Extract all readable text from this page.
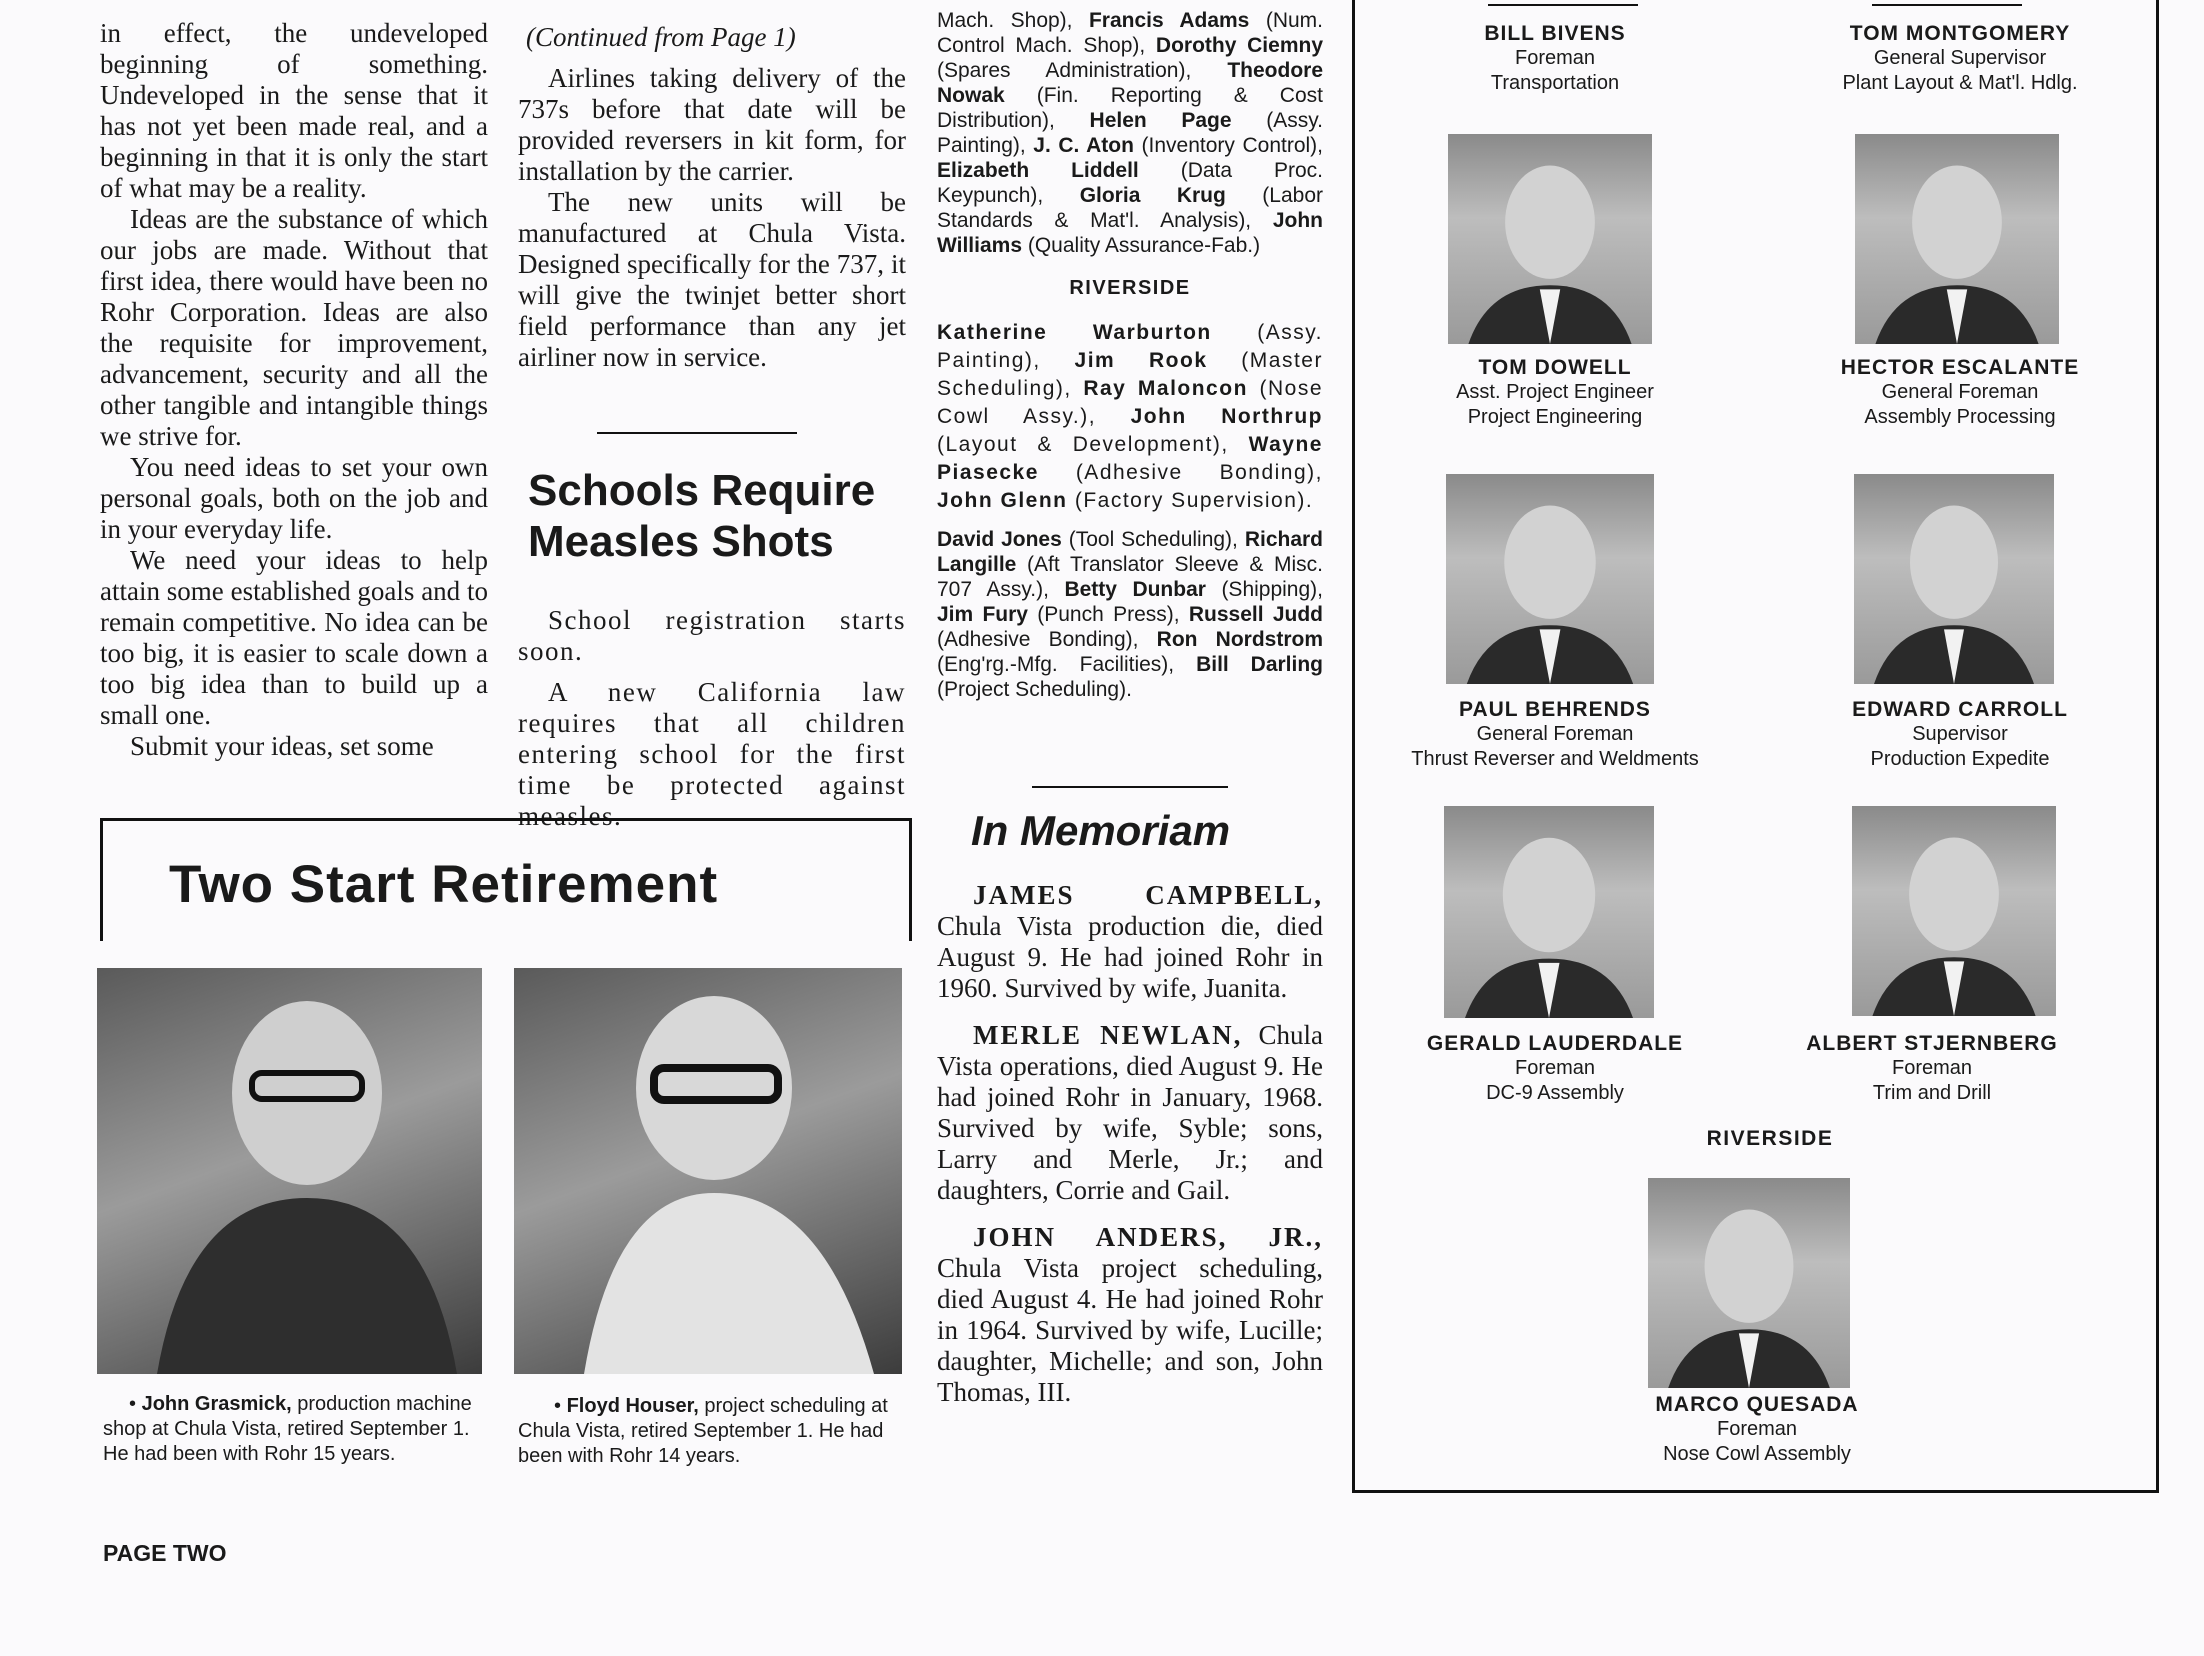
in effect, the undeveloped beginning of something. Undeveloped in the sense that it has not yet been made real, and a beginning in that it is only the start of what may be a reality.

Ideas are the substance of which our jobs are made. Without that first idea, there would have been no Rohr Corporation. Ideas are also the requisite for improvement, advancement, security and all the other tangible and intangible things we strive for.

You need ideas to set your own personal goals, both on the job and in your everyday life.

We need your ideas to help attain some established goals and to remain competitive. No idea can be too big, it is easier to scale down a too big idea than to build up a small one.

Submit your ideas, set some

(Continued from Page 1)

Airlines taking delivery of the 737s before that date will be provided reversers in kit form, for installation by the carrier.

The new units will be manufactured at Chula Vista. Designed specifically for the 737, it will give the twinjet better short field performance than any jet airliner now in service.

Schools Require
Measles Shots

School registration starts soon.

A new California law requires that all children entering school for the first time be protected against measles.

Mach. Shop), Francis Adams (Num. Control Mach. Shop), Dorothy Ciemny (Spares Administration), Theodore Nowak (Fin. Reporting & Cost Distribution), Helen Page (Assy. Painting), J. C. Aton (Inventory Control), Elizabeth Liddell (Data Proc. Keypunch), Gloria Krug (Labor Standards & Mat'l. Analysis), John Williams (Quality Assurance-Fab.)

RIVERSIDE

Katherine Warburton (Assy. Painting), Jim Rook (Master Scheduling), Ray Maloncon (Nose Cowl Assy.), John Northrup (Layout & Development), Wayne Piasecke (Adhesive Bonding), John Glenn (Factory Supervision).

David Jones (Tool Scheduling), Richard Langille (Aft Translator Sleeve & Misc. 707 Assy.), Betty Dunbar (Shipping), Jim Fury (Punch Press), Russell Judd (Adhesive Bonding), Ron Nordstrom (Eng'rg.-Mfg. Facilities), Bill Darling (Project Scheduling).

In Memoriam

JAMES CAMPBELL, Chula Vista production die, died August 9. He had joined Rohr in 1960. Survived by wife, Juanita.

MERLE NEWLAN, Chula Vista operations, died August 9. He had joined Rohr in January, 1968. Survived by wife, Syble; sons, Larry and Merle, Jr.; and daughters, Corrie and Gail.

JOHN ANDERS, JR., Chula Vista project scheduling, died August 4. He had joined Rohr in 1964. Survived by wife, Lucille; daughter, Michelle; and son, John Thomas, III.

Two Start Retirement
• John Grasmick, production machine shop at Chula Vista, retired September 1. He had been with Rohr 15 years.
• Floyd Houser, project scheduling at Chula Vista, retired September 1. He had been with Rohr 14 years.
PAGE TWO
BILL BIVENS
Foreman
Transportation
TOM MONTGOMERY
General Supervisor
Plant Layout & Mat'l. Hdlg.
TOM DOWELL
Asst. Project Engineer
Project Engineering
HECTOR ESCALANTE
General Foreman
Assembly Processing
PAUL BEHRENDS
General Foreman
Thrust Reverser and Weldments
EDWARD CARROLL
Supervisor
Production Expedite
GERALD LAUDERDALE
Foreman
DC-9 Assembly
ALBERT STJERNBERG
Foreman
Trim and Drill
MARCO QUESADA
Foreman
Nose Cowl Assembly
RIVERSIDE
